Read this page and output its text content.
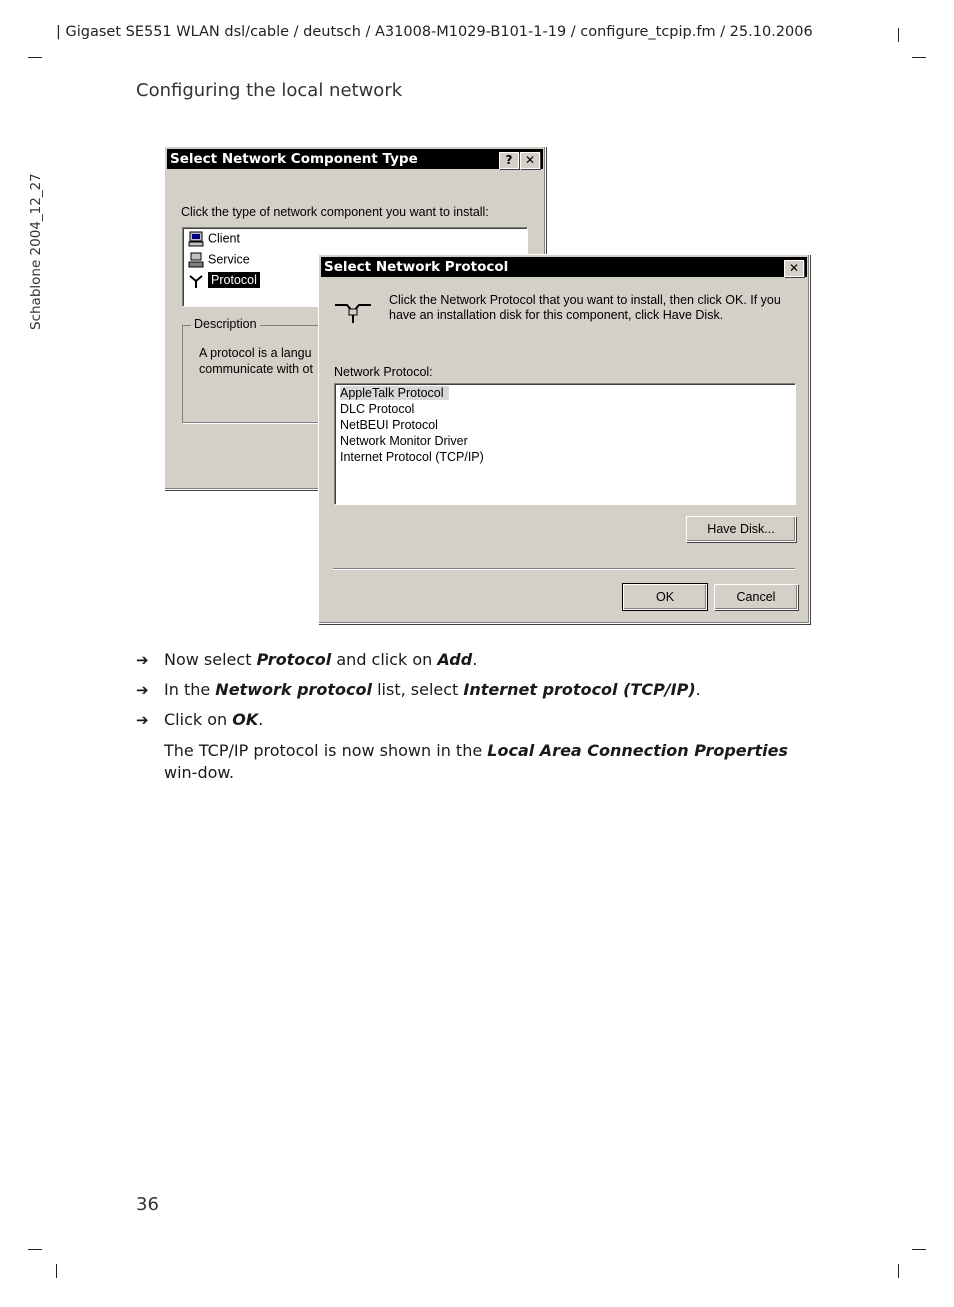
| Gigaset SE551 WLAN dsl/cable / deutsch / A31008-M1029-B101-1-19 / configure_tcpip.fm / 25.10.2006
Configuring the local network
Schablone 2004_12_27
Select Network Component Type	?	✕
Click the type of network component you want to install:
Client
Service
Protocol
Description
A protocol is a langu
communicate with ot
Select Network Protocol	✕
Click the Network Protocol that you want to install, then click OK. If you have an installation disk for this component, click Have Disk.
Network Protocol:
AppleTalk Protocol
DLC Protocol
NetBEUI Protocol
Network Monitor Driver
Internet Protocol (TCP/IP)
Have Disk...
OK	Cancel
➔ Now select Protocol and click on Add.
➔ In the Network protocol list, select Internet protocol (TCP/IP).
➔ Click on OK.
The TCP/IP protocol is now shown in the Local Area Connection Properties win-dow.
36
